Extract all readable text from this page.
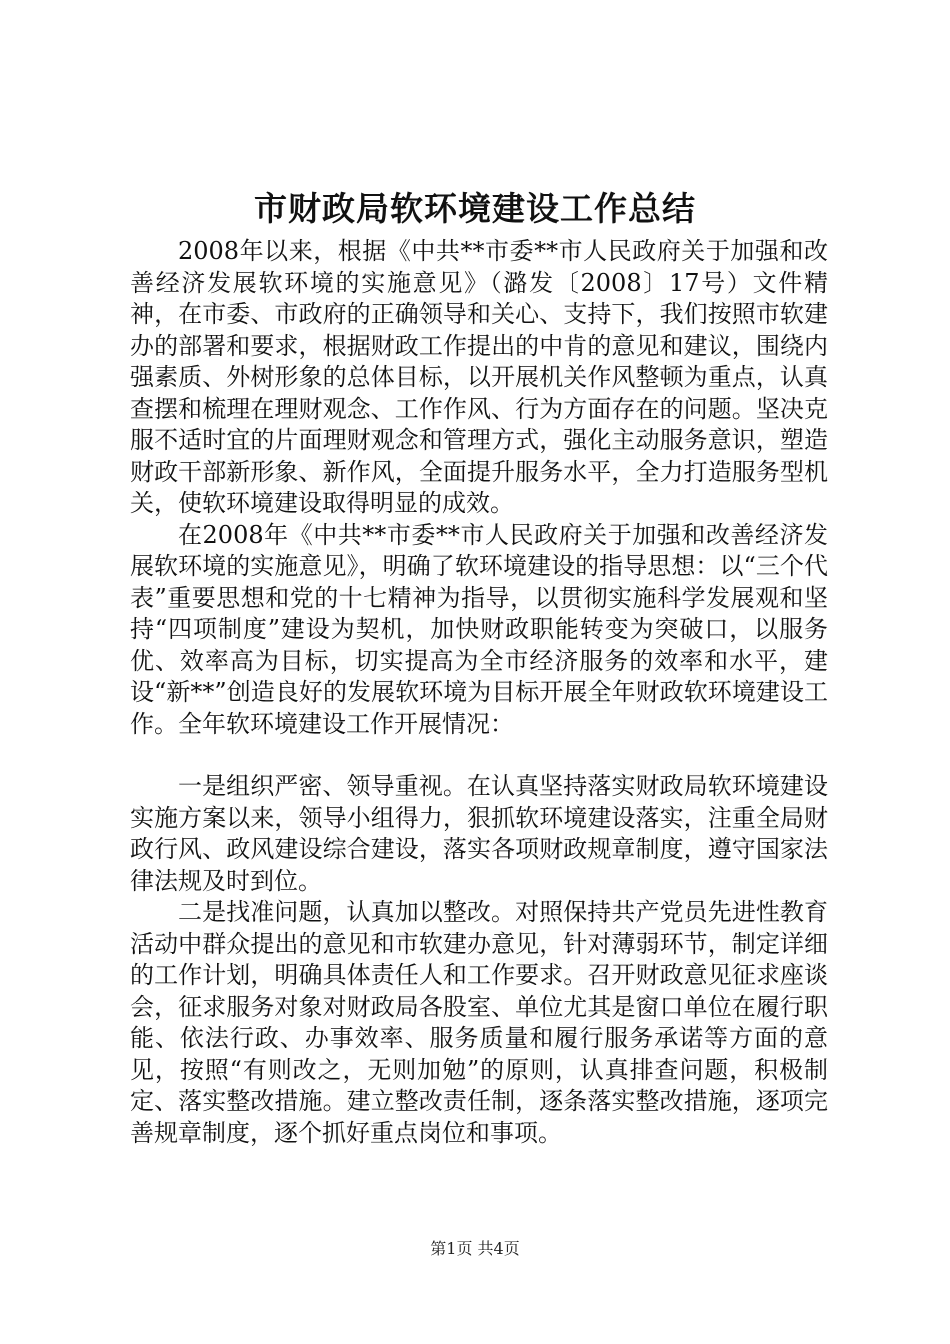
市财政局软环境建设工作总结

2008年以来，根据《中共**市委**市人民政府关于加强和改善经济发展软环境的实施意见》（潞发〔2008〕17号）文件精神，在市委、市政府的正确领导和关心、支持下，我们按照市软建办的部署和要求，根据财政工作提出的中肯的意见和建议，围绕内强素质、外树形象的总体目标，以开展机关作风整顿为重点，认真查摆和梳理在理财观念、工作作风、行为方面存在的问题。坚决克服不适时宜的片面理财观念和管理方式，强化主动服务意识，塑造财政干部新形象、新作风，全面提升服务水平，全力打造服务型机关，使软环境建设取得明显的成效。

在2008年《中共**市委**市人民政府关于加强和改善经济发展软环境的实施意见》，明确了软环境建设的指导思想：以“三个代表”重要思想和党的十七精神为指导，以贯彻实施科学发展观和坚持“四项制度”建设为契机，加快财政职能转变为突破口，以服务优、效率高为目标，切实提高为全市经济服务的效率和水平，建设“新**”创造良好的发展软环境为目标开展全年财政软环境建设工作。全年软环境建设工作开展情况：

一是组织严密、领导重视。在认真坚持落实财政局软环境建设实施方案以来，领导小组得力，狠抓软环境建设落实，注重全局财政行风、政风建设综合建设，落实各项财政规章制度，遵守国家法律法规及时到位。

二是找准问题，认真加以整改。对照保持共产党员先进性教育活动中群众提出的意见和市软建办意见，针对薄弱环节，制定详细的工作计划，明确具体责任人和工作要求。召开财政意见征求座谈会，征求服务对象对财政局各股室、单位尤其是窗口单位在履行职能、依法行政、办事效率、服务质量和履行服务承诺等方面的意见，按照“有则改之，无则加勉”的原则，认真排查问题，积极制定、落实整改措施。建立整改责任制，逐条落实整改措施，逐项完善规章制度，逐个抓好重点岗位和事项。

第1页 共4页
